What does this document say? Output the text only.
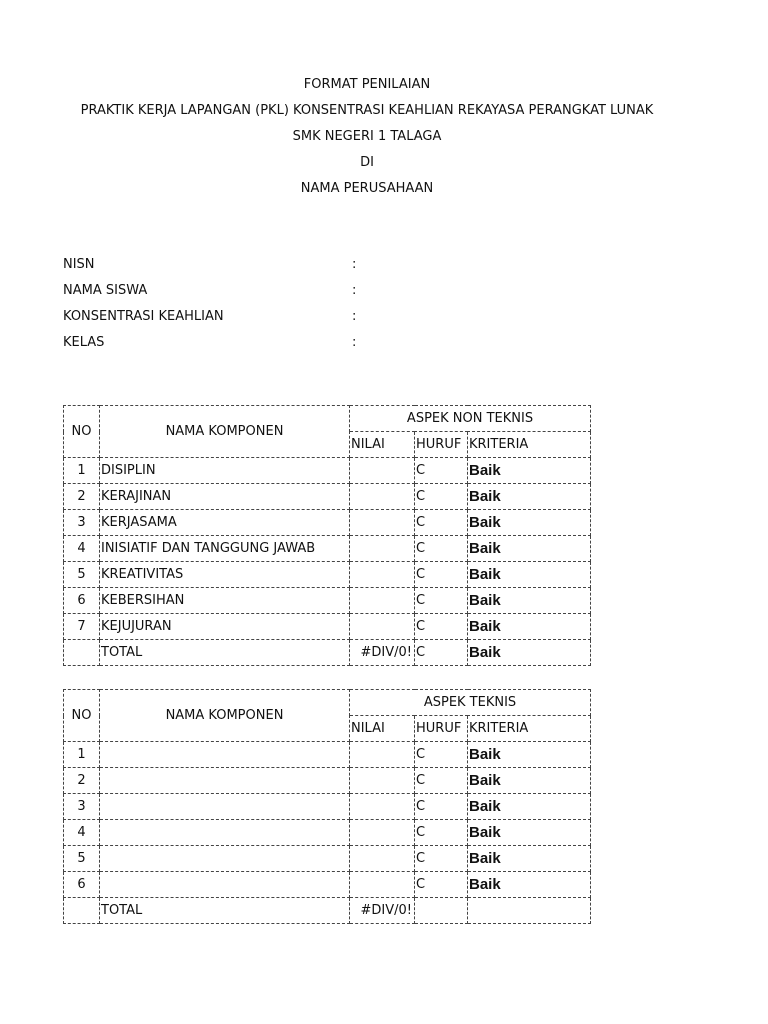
FORMAT PENILAIAN
PRAKTIK KERJA LAPANGAN (PKL) KONSENTRASI KEAHLIAN REKAYASA PERANGKAT LUNAK
SMK NEGERI 1 TALAGA
DI
NAMA PERUSAHAAN
NISN	:
NAMA SISWA	:
KONSENTRASI KEAHLIAN	:
KELAS	:
NO	NAMA KOMPONEN	ASPEK NON TEKNIS		
		NILAI	HURUF	KRITERIA
1	DISIPLIN		C	Baik
2	KERAJINAN		C	Baik
3	KERJASAMA		C	Baik
4	INISIATIF DAN TANGGUNG JAWAB		C	Baik
5	KREATIVITAS		C	Baik
6	KEBERSIHAN		C	Baik
7	KEJUJURAN		C	Baik
	TOTAL	#DIV/0!	C	Baik
NO	NAMA KOMPONEN	ASPEK TEKNIS		
		NILAI	HURUF	KRITERIA
1			C	Baik
2			C	Baik
3			C	Baik
4			C	Baik
5			C	Baik
6			C	Baik
	TOTAL	#DIV/0!		
